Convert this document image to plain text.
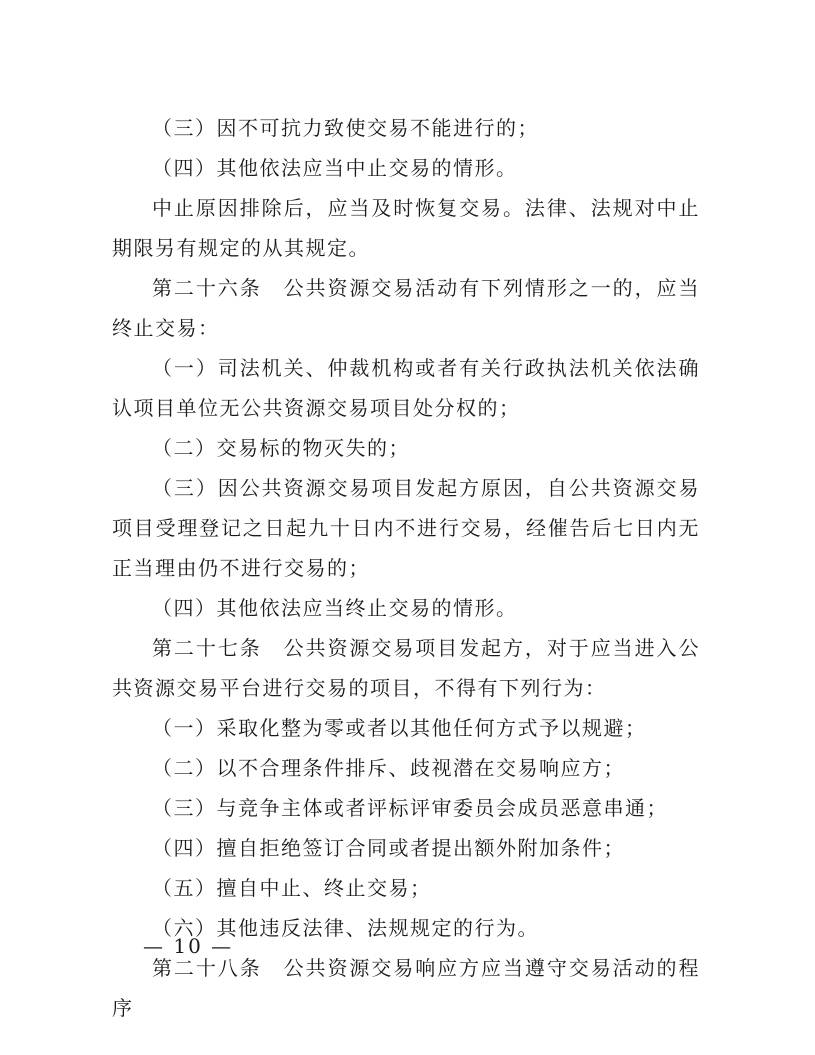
（三）因不可抗力致使交易不能进行的；

（四）其他依法应当中止交易的情形。

中止原因排除后，应当及时恢复交易。法律、法规对中止期限另有规定的从其规定。

第二十六条　公共资源交易活动有下列情形之一的，应当终止交易：

（一）司法机关、仲裁机构或者有关行政执法机关依法确认项目单位无公共资源交易项目处分权的；

（二）交易标的物灭失的；

（三）因公共资源交易项目发起方原因，自公共资源交易项目受理登记之日起九十日内不进行交易，经催告后七日内无正当理由仍不进行交易的；

（四）其他依法应当终止交易的情形。

第二十七条　公共资源交易项目发起方，对于应当进入公共资源交易平台进行交易的项目，不得有下列行为：

（一）采取化整为零或者以其他任何方式予以规避；

（二）以不合理条件排斥、歧视潜在交易响应方；

（三）与竞争主体或者评标评审委员会成员恶意串通；

（四）擅自拒绝签订合同或者提出额外附加条件；

（五）擅自中止、终止交易；

（六）其他违反法律、法规规定的行为。

第二十八条　公共资源交易响应方应当遵守交易活动的程序

— 10 —
